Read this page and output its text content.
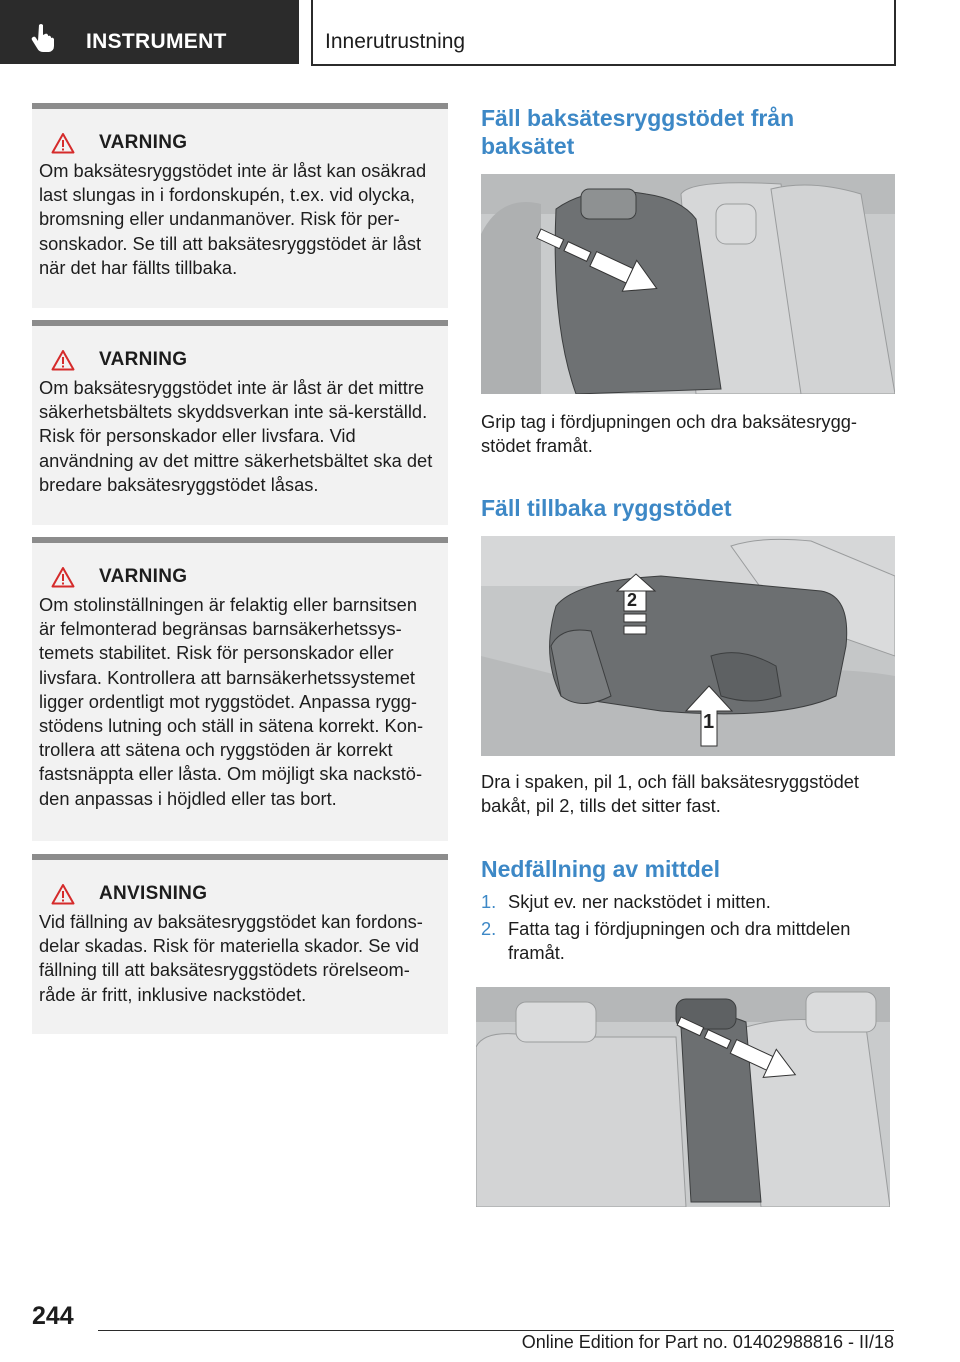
INSTRUMENT	Innerutrustning
VARNING

Om baksätesryggstödet inte är låst kan osäkrad last slungas in i fordonskupén, t.ex. vid olycka, bromsning eller undanmanöver. Risk för per-sonskador. Se till att baksätesryggstödet är låst när det har fällts tillbaka.

VARNING

Om baksätesryggstödet inte är låst är det mittre säkerhetsbältets skyddsverkan inte sä-kerställd. Risk för personskador eller livsfara. Vid användning av det mittre säkerhetsbältet ska det bredare baksätesryggstödet låsas.

VARNING

Om stolinställningen är felaktig eller barnsitsen är felmonterad begränsas barnsäkerhetssys-temets stabilitet. Risk för personskador eller livsfara. Kontrollera att barnsäkerhetssystemet ligger ordentligt mot ryggstödet. Anpassa rygg-stödens lutning och ställ in sätena korrekt. Kon-trollera att sätena och ryggstöden är korrekt fastsnäppta eller låsta. Om möjligt ska nackstö-den anpassas i höjdled eller tas bort.

ANVISNING

Vid fällning av baksätesryggstödet kan fordons-delar skadas. Risk för materiella skador. Se vid fällning till att baksätesryggstödets rörelseom-råde är fritt, inklusive nackstödet.

Fäll baksätesryggstödet från baksätet

Grip tag i fördjupningen och dra baksätesrygg-stödet framåt.

Fäll tillbaka ryggstödet
1
2

Dra i spaken, pil 1, och fäll baksätesryggstödet bakåt, pil 2, tills det sitter fast.

Nedfällning av mittdel
1. Skjut ev. ner nackstödet i mitten.
2. Fatta tag i fördjupningen och dra mittdelen framåt.
244
Online Edition for Part no. 01402988816 - II/18
